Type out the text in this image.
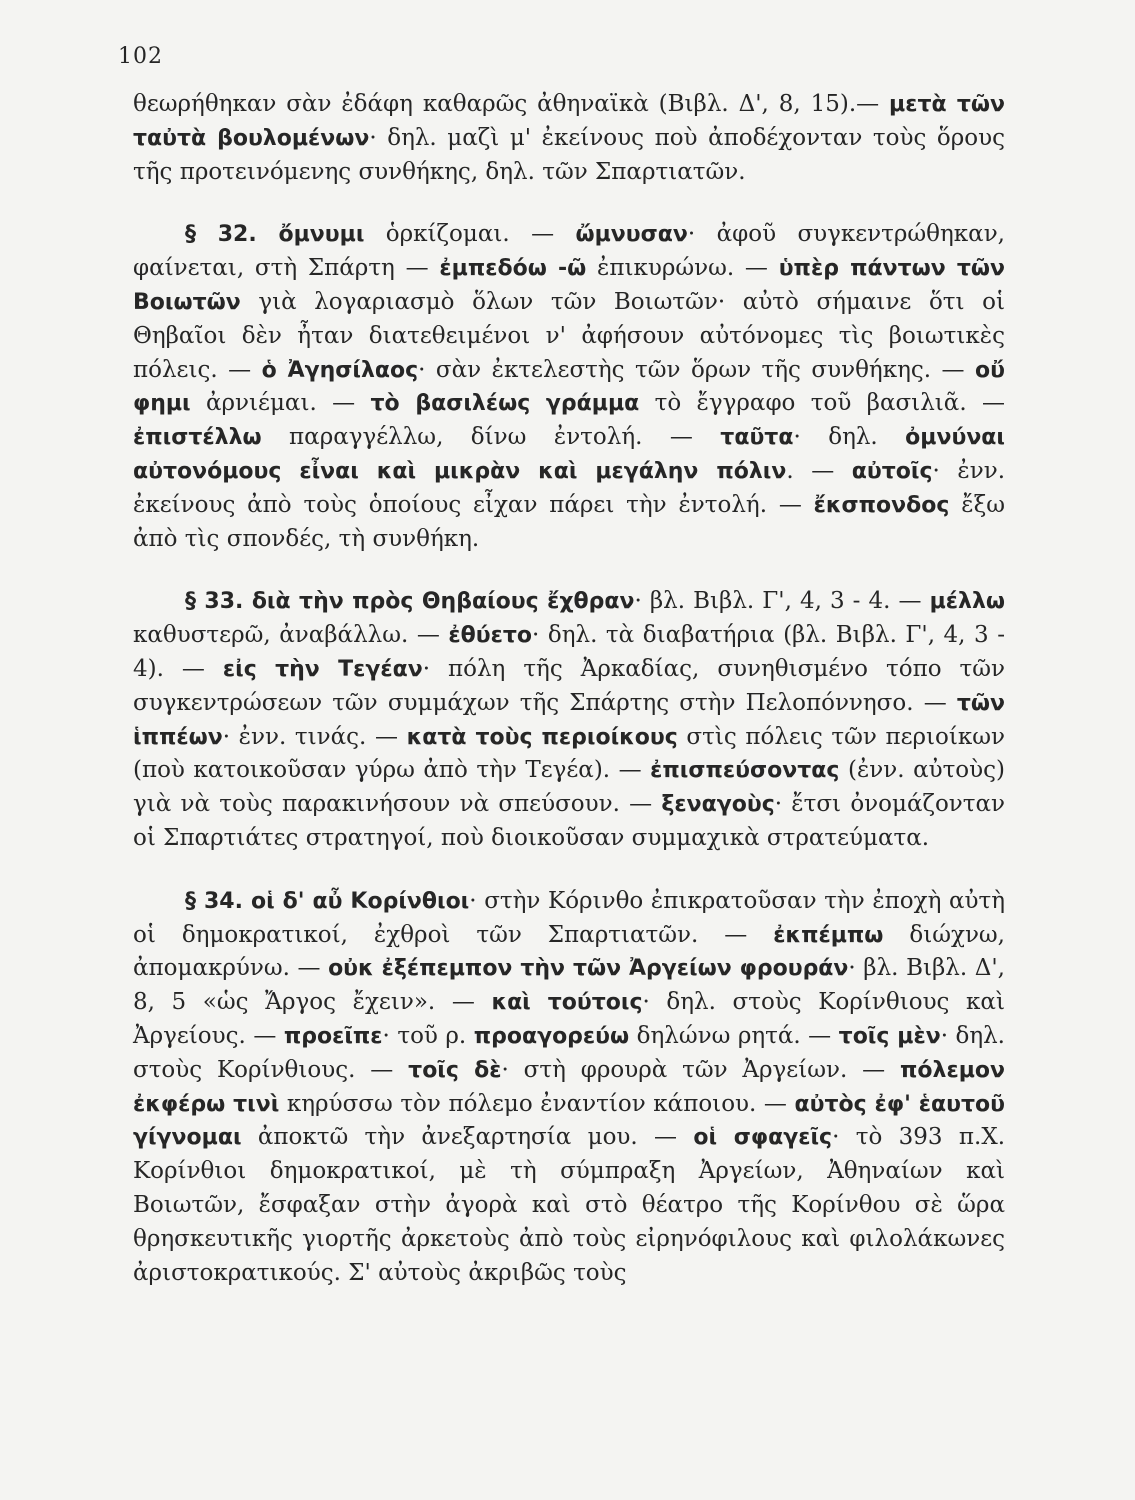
102

θεωρήθηκαν σὰν ἐδάφη καθαρῶς ἀθηναϊκὰ (Βιβλ. Δ', 8, 15).— μετὰ τῶν ταὐτὰ βουλομένων· δηλ. μαζὶ μ' ἐκείνους ποὺ ἀποδέχονταν τοὺς ὅρους τῆς προτεινόμενης συνθήκης, δηλ. τῶν Σπαρτιατῶν.

§ 32. ὄμνυμι ὁρκίζομαι. — ὤμνυσαν· ἀφοῦ συγκεντρώθηκαν, φαίνεται, στὴ Σπάρτη — ἐμπεδόω -ῶ ἐπικυρώνω. — ὑπὲρ πάντων τῶν Βοιωτῶν γιὰ λογαριασμὸ ὅλων τῶν Βοιωτῶν· αὐτὸ σήμαινε ὅτι οἱ Θηβαῖοι δὲν ἦταν διατεθειμένοι ν' ἀφήσουν αὐτόνομες τὶς βοιωτικὲς πόλεις. — ὁ Ἀγησίλαος· σὰν ἐκτελεστὴς τῶν ὅρων τῆς συνθήκης. — οὔ φημι ἀρνιέμαι. — τὸ βασιλέως γράμμα τὸ ἔγγραφο τοῦ βασιλιᾶ. — ἐπιστέλλω παραγγέλλω, δίνω ἐντολή. — ταῦτα· δηλ. ὀμνύναι αὐτονόμους εἶναι καὶ μικρὰν καὶ μεγάλην πόλιν. — αὐτοῖς· ἐνν. ἐκείνους ἀπὸ τοὺς ὁποίους εἶχαν πάρει τὴν ἐντολή. — ἔκσπονδος ἔξω ἀπὸ τὶς σπονδές, τὴ συνθήκη.

§ 33. διὰ τὴν πρὸς Θηβαίους ἔχθραν· βλ. Βιβλ. Γ', 4, 3 - 4. — μέλλω καθυστερῶ, ἀναβάλλω. — ἐθύετο· δηλ. τὰ διαβατήρια (βλ. Βιβλ. Γ', 4, 3 - 4). — εἰς τὴν Τεγέαν· πόλη τῆς Ἀρκαδίας, συνηθισμένο τόπο τῶν συγκεντρώσεων τῶν συμμάχων τῆς Σπάρτης στὴν Πελοπόννησο. — τῶν ἱππέων· ἐνν. τινάς. — κατὰ τοὺς περιοίκους στὶς πόλεις τῶν περιοίκων (ποὺ κατοικοῦσαν γύρω ἀπὸ τὴν Τεγέα). — ἐπισπεύσοντας (ἐνν. αὐτοὺς) γιὰ νὰ τοὺς παρακινήσουν νὰ σπεύσουν. — ξεναγοὺς· ἔτσι ὀνομάζονταν οἱ Σπαρτιάτες στρατηγοί, ποὺ διοικοῦσαν συμμαχικὰ στρατεύματα.

§ 34. οἱ δ' αὖ Κορίνθιοι· στὴν Κόρινθο ἐπικρατοῦσαν τὴν ἐποχὴ αὐτὴ οἱ δημοκρατικοί, ἐχθροὶ τῶν Σπαρτιατῶν. — ἐκπέμπω διώχνω, ἀπομακρύνω. — οὐκ ἐξέπεμπον τὴν τῶν Ἀργείων φρουράν· βλ. Βιβλ. Δ', 8, 5 «ὡς Ἄργος ἔχειν». — καὶ τούτοις· δηλ. στοὺς Κορίνθιους καὶ Ἀργείους. — προεῖπε· τοῦ ρ. προαγορεύω δηλώνω ρητά. — τοῖς μὲν· δηλ. στοὺς Κορίνθιους. — τοῖς δὲ· στὴ φρουρὰ τῶν Ἀργείων. — πόλεμον ἐκφέρω τινὶ κηρύσσω τὸν πόλεμο ἐναντίον κάποιου. — αὐτὸς ἐφ' ἑαυτοῦ γίγνομαι ἀποκτῶ τὴν ἀνεξαρτησία μου. — οἱ σφαγεῖς· τὸ 393 π.Χ. Κορίνθιοι δημοκρατικοί, μὲ τὴ σύμπραξη Ἀργείων, Ἀθηναίων καὶ Βοιωτῶν, ἔσφαξαν στὴν ἀγορὰ καὶ στὸ θέατρο τῆς Κορίνθου σὲ ὥρα θρησκευτικῆς γιορτῆς ἀρκετοὺς ἀπὸ τοὺς εἰρηνόφιλους καὶ φιλολάκωνες ἀριστοκρατικούς. Σ' αὐτοὺς ἀκριβῶς τοὺς
